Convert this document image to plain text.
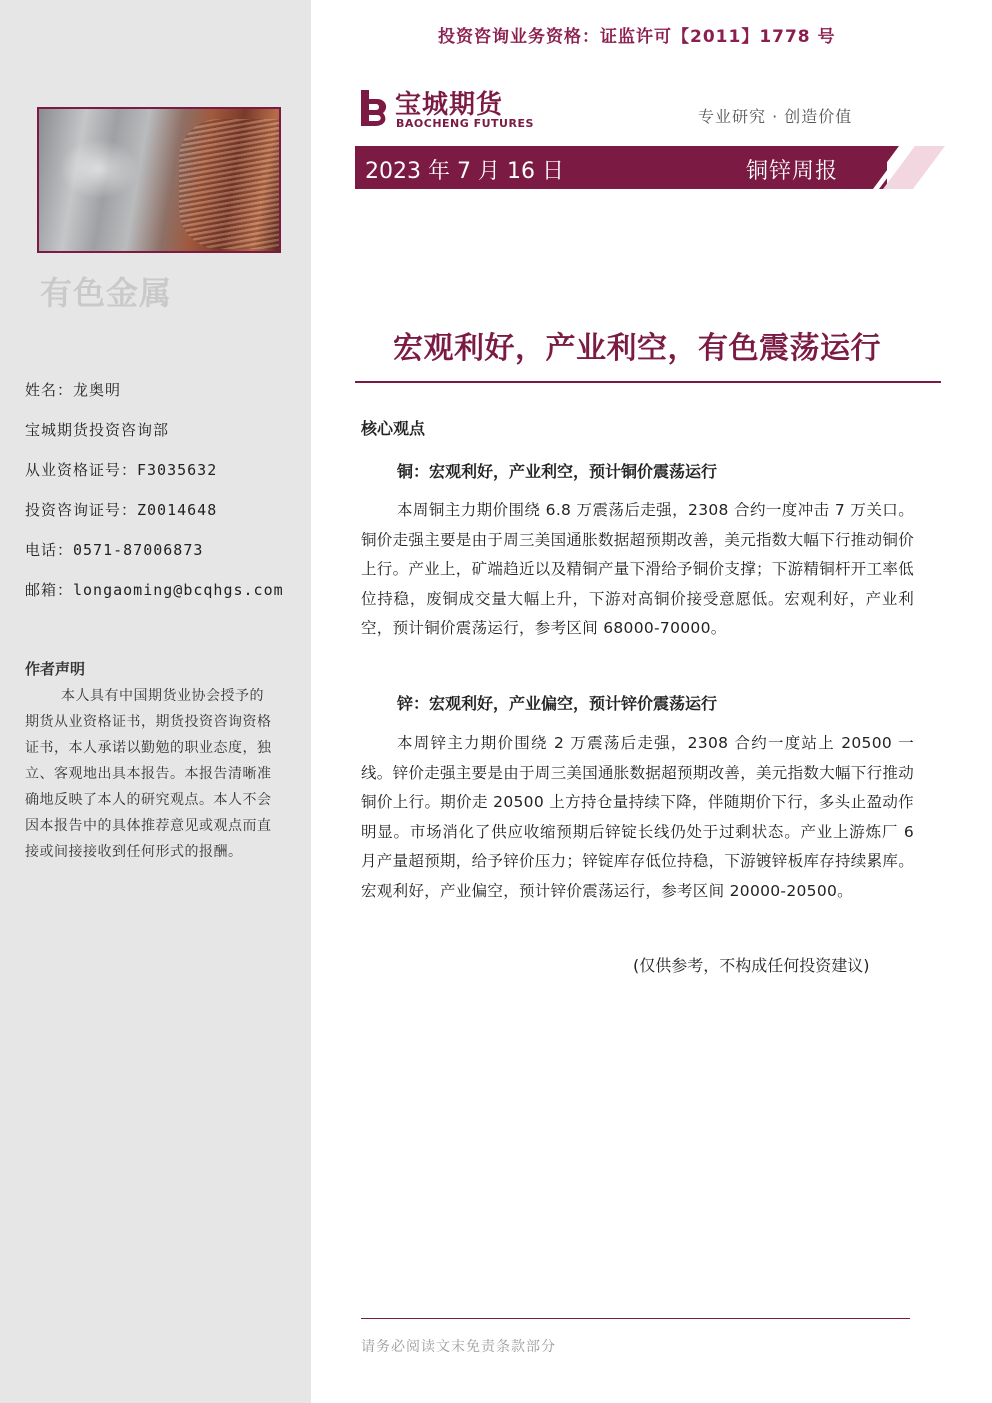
有色金属
姓名：龙奥明
宝城期货投资咨询部
从业资格证号：F3035632
投资咨询证号：Z0014648
电话：0571-87006873
邮箱：longaoming@bcqhgs.com
作者声明
本人具有中国期货业协会授予的期货从业资格证书，期货投资咨询资格证书，本人承诺以勤勉的职业态度，独立、客观地出具本报告。本报告清晰准确地反映了本人的研究观点。本人不会因本报告中的具体推荐意见或观点而直接或间接接收到任何形式的报酬。
投资咨询业务资格：证监许可【2011】1778 号
宝城期货
BAOCHENG FUTURES	专业研究 · 创造价值
2023 年 7 月 16 日	铜锌周报
宏观利好，产业利空，有色震荡运行
核心观点
铜：宏观利好，产业利空，预计铜价震荡运行
本周铜主力期价围绕 6.8 万震荡后走强，2308 合约一度冲击 7 万关口。铜价走强主要是由于周三美国通胀数据超预期改善，美元指数大幅下行推动铜价上行。产业上，矿端趋近以及精铜产量下滑给予铜价支撑；下游精铜杆开工率低位持稳，废铜成交量大幅上升，下游对高铜价接受意愿低。宏观利好，产业利空，预计铜价震荡运行，参考区间 68000-70000。
锌：宏观利好，产业偏空，预计锌价震荡运行
本周锌主力期价围绕 2 万震荡后走强，2308 合约一度站上 20500 一线。锌价走强主要是由于周三美国通胀数据超预期改善，美元指数大幅下行推动铜价上行。期价走 20500 上方持仓量持续下降，伴随期价下行，多头止盈动作明显。市场消化了供应收缩预期后锌锭长线仍处于过剩状态。产业上游炼厂 6 月产量超预期，给予锌价压力；锌锭库存低位持稳，下游镀锌板库存持续累库。宏观利好，产业偏空，预计锌价震荡运行，参考区间 20000-20500。
(仅供参考，不构成任何投资建议)
请务必阅读文末免责条款部分
